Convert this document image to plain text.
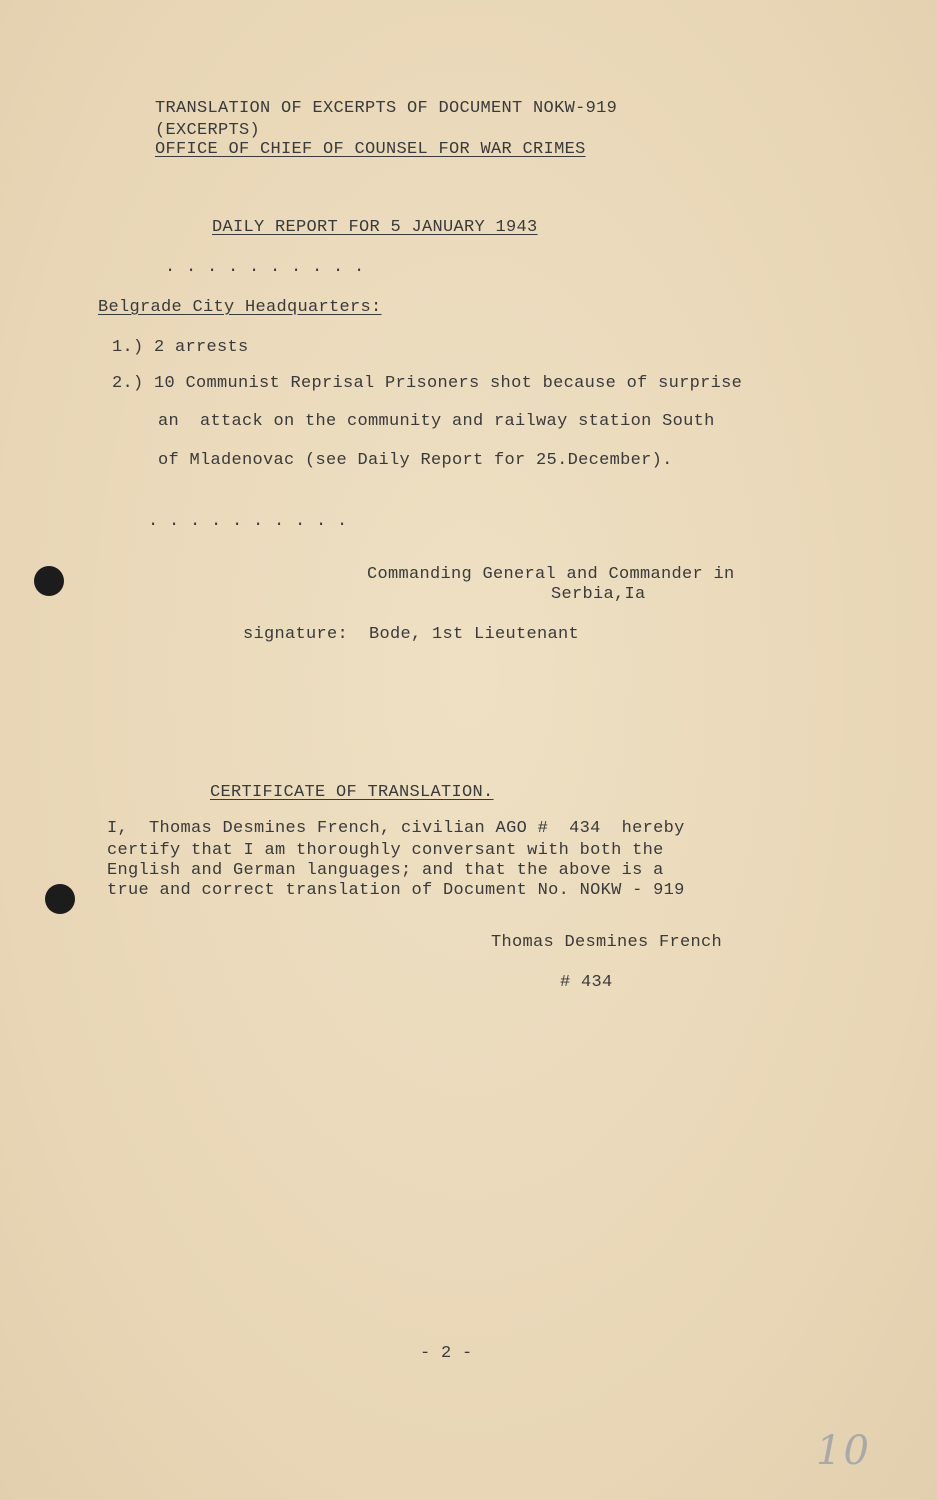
TRANSLATION OF EXCERPTS OF DOCUMENT NOKW-919
(EXCERPTS)
OFFICE OF CHIEF OF COUNSEL FOR WAR CRIMES
DAILY REPORT FOR 5 JANUARY 1943
. . . . . . . . . .
Belgrade City Headquarters:
1.) 2 arrests
2.) 10 Communist Reprisal Prisoners shot because of surprise
an  attack on the community and railway station South
of Mladenovac (see Daily Report for 25.December).
. . . . . . . . . .
Commanding General and Commander in
Serbia,Ia
signature:  Bode, 1st Lieutenant
CERTIFICATE OF TRANSLATION.
I,  Thomas Desmines French, civilian AGO #  434  hereby
certify that I am thoroughly conversant with both the
English and German languages; and that the above is a
true and correct translation of Document No. NOKW - 919
Thomas Desmines French
# 434
- 2 -
10
